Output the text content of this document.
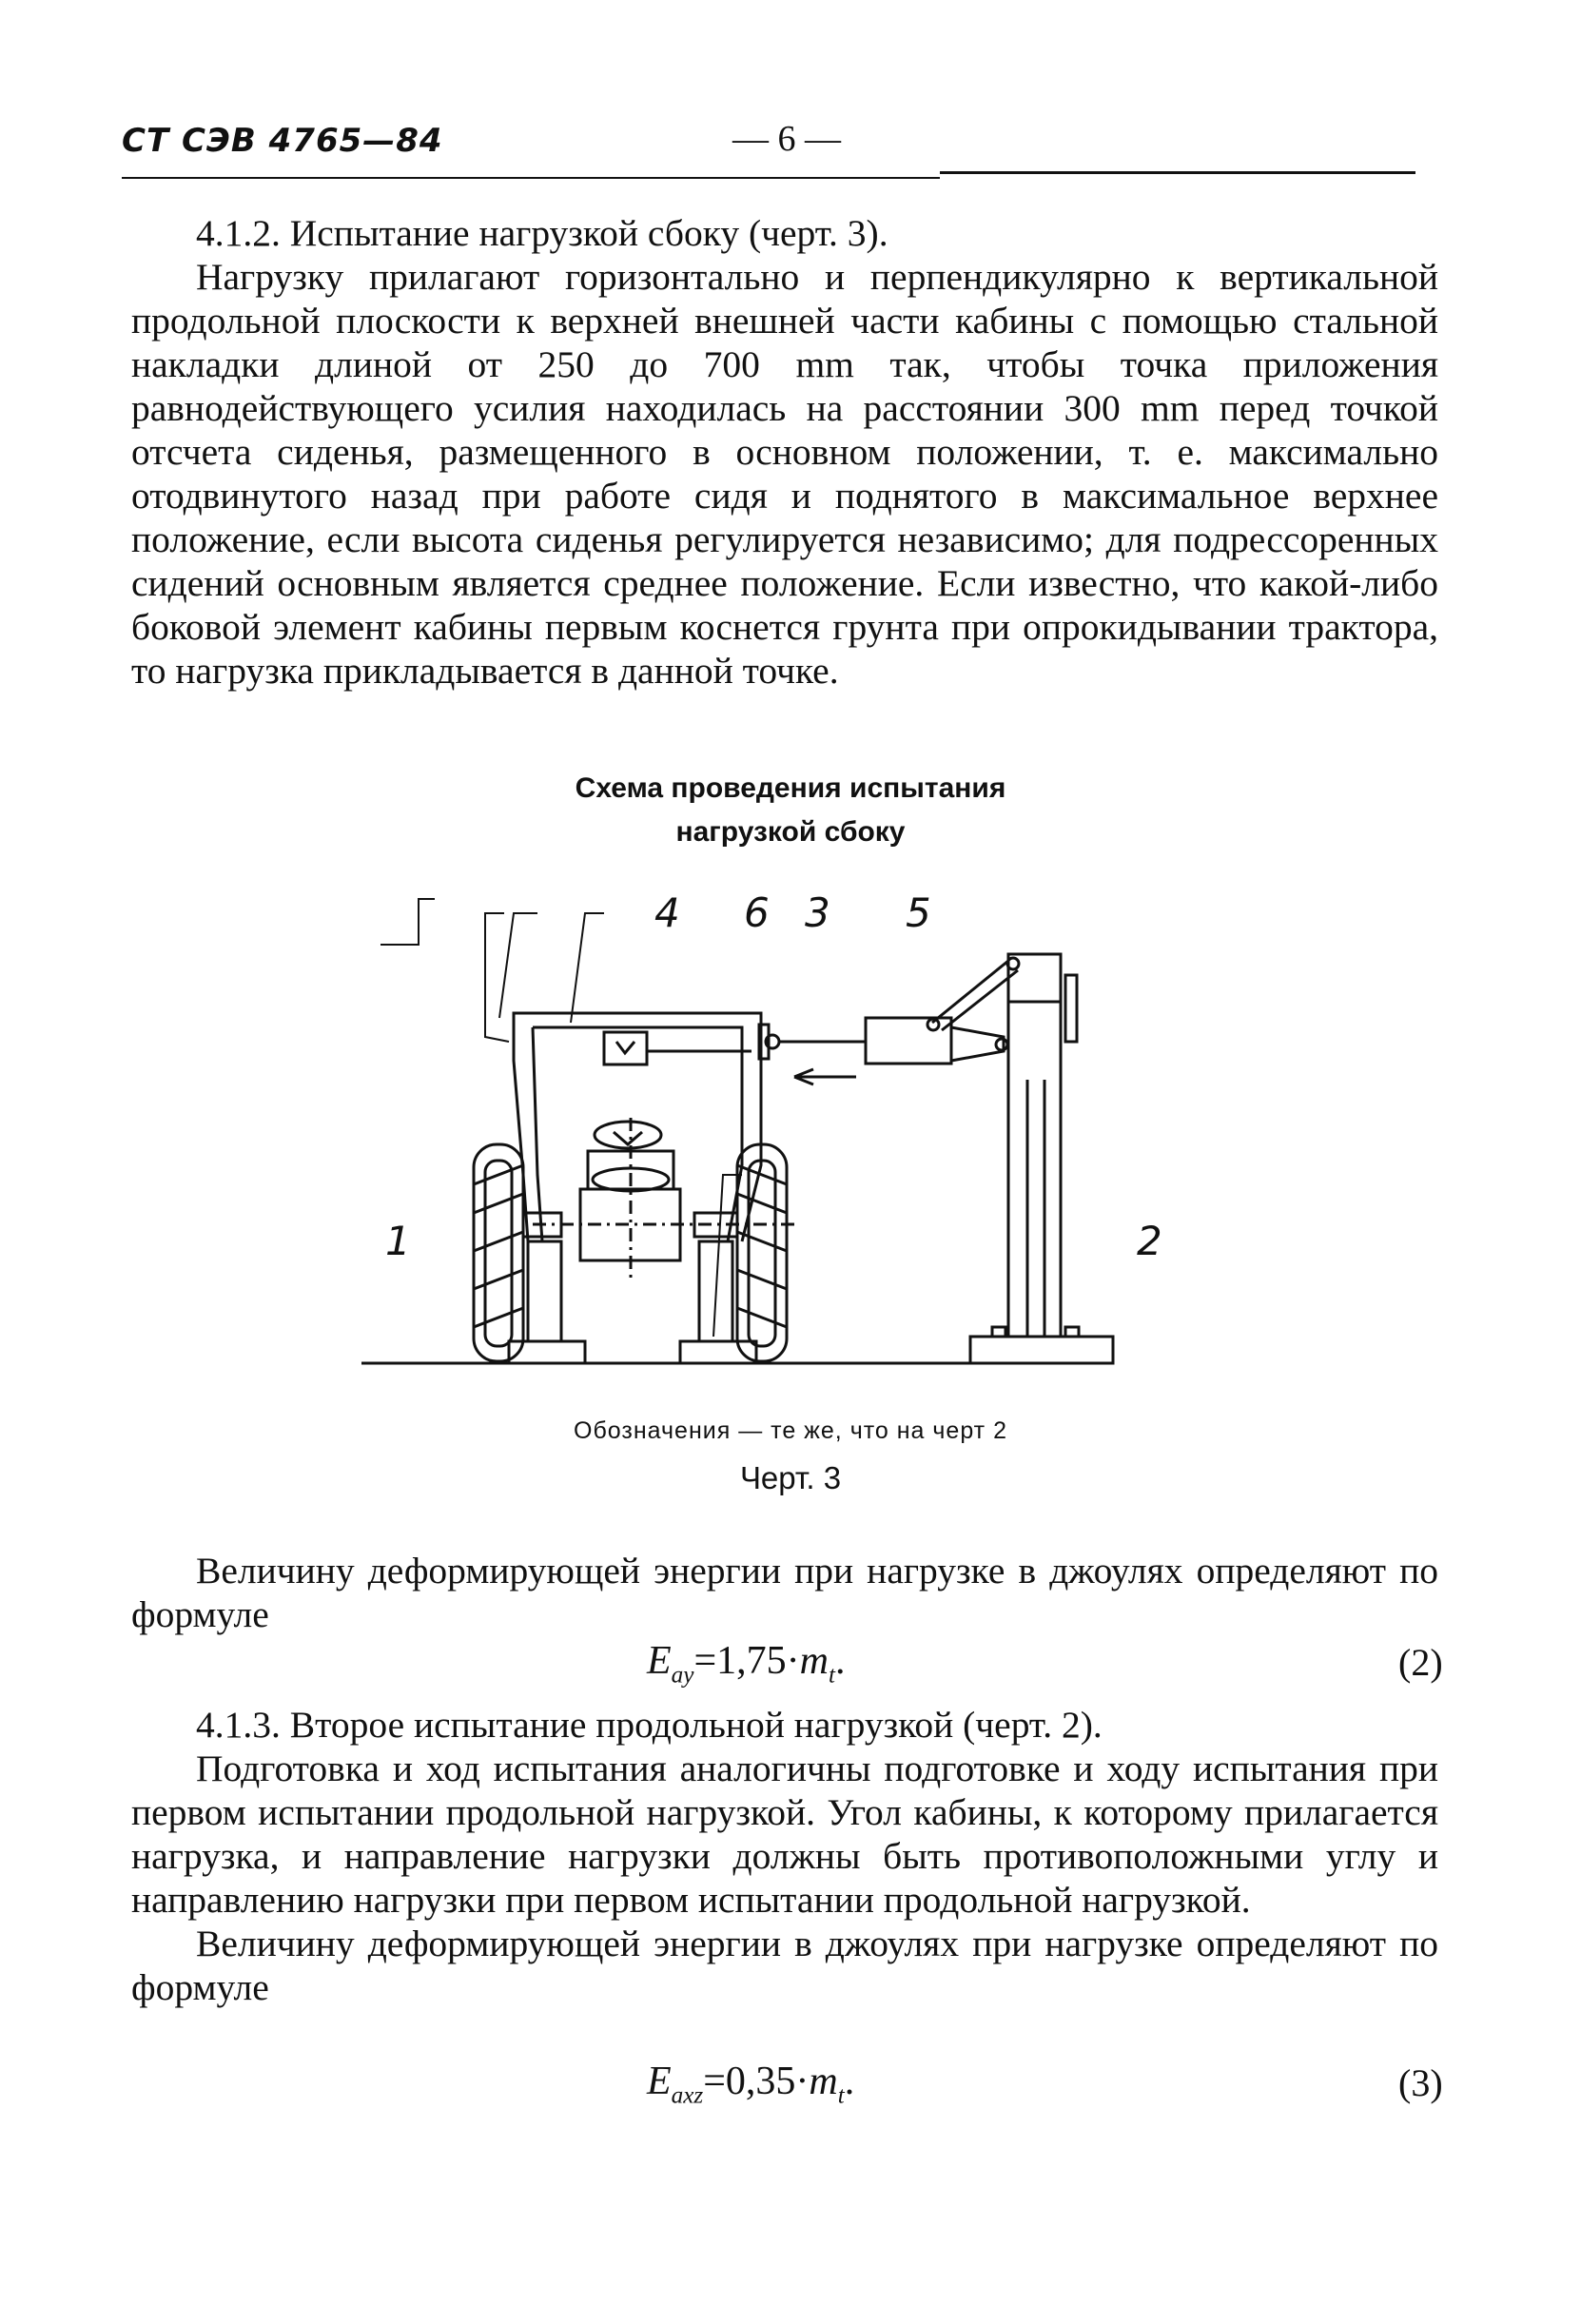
СТ СЭВ 4765—84	— 6 —

4.1.2. Испытание нагрузкой сбоку (черт. 3).

Нагрузку прилагают горизонтально и перпендикулярно к вертикальной продольной плоскости к верхней внешней части кабины с помощью стальной накладки длиной от 250 до 700 mm так, чтобы точка приложения равнодействующего усилия находилась на расстоянии 300 mm перед точкой отсчета сиденья, размещенного в основном положении, т. е. максимально отодвинутого назад при работе сидя и поднятого в максимальное верхнее положение, если высота сиденья регулируется независимо; для подрессоренных сидений основным является среднее положение. Если известно, что какой-либо боковой элемент кабины первым коснется грунта при опрокидывании трактора, то нагрузка прикладывается в данной точке.

Схема проведения испытания
нагрузкой сбоку
4 6 3 5
1	2
Обозначения — те же, что на черт 2
Черт. 3

Величину деформирующей энергии при нагрузке в джоулях определяют по формуле

$E_{ay}=1,75\cdot m_t$.	(2)

4.1.3. Второе испытание продольной нагрузкой (черт. 2).

Подготовка и ход испытания аналогичны подготовке и ходу испытания при первом испытании продольной нагрузкой. Угол кабины, к которому прилагается нагрузка, и направление нагрузки должны быть противоположными углу и направлению нагрузки при первом испытании продольной нагрузкой.

Величину деформирующей энергии в джоулях при нагрузке определяют по формуле

$E_{axz}=0,35\cdot m_t$.	(3)
